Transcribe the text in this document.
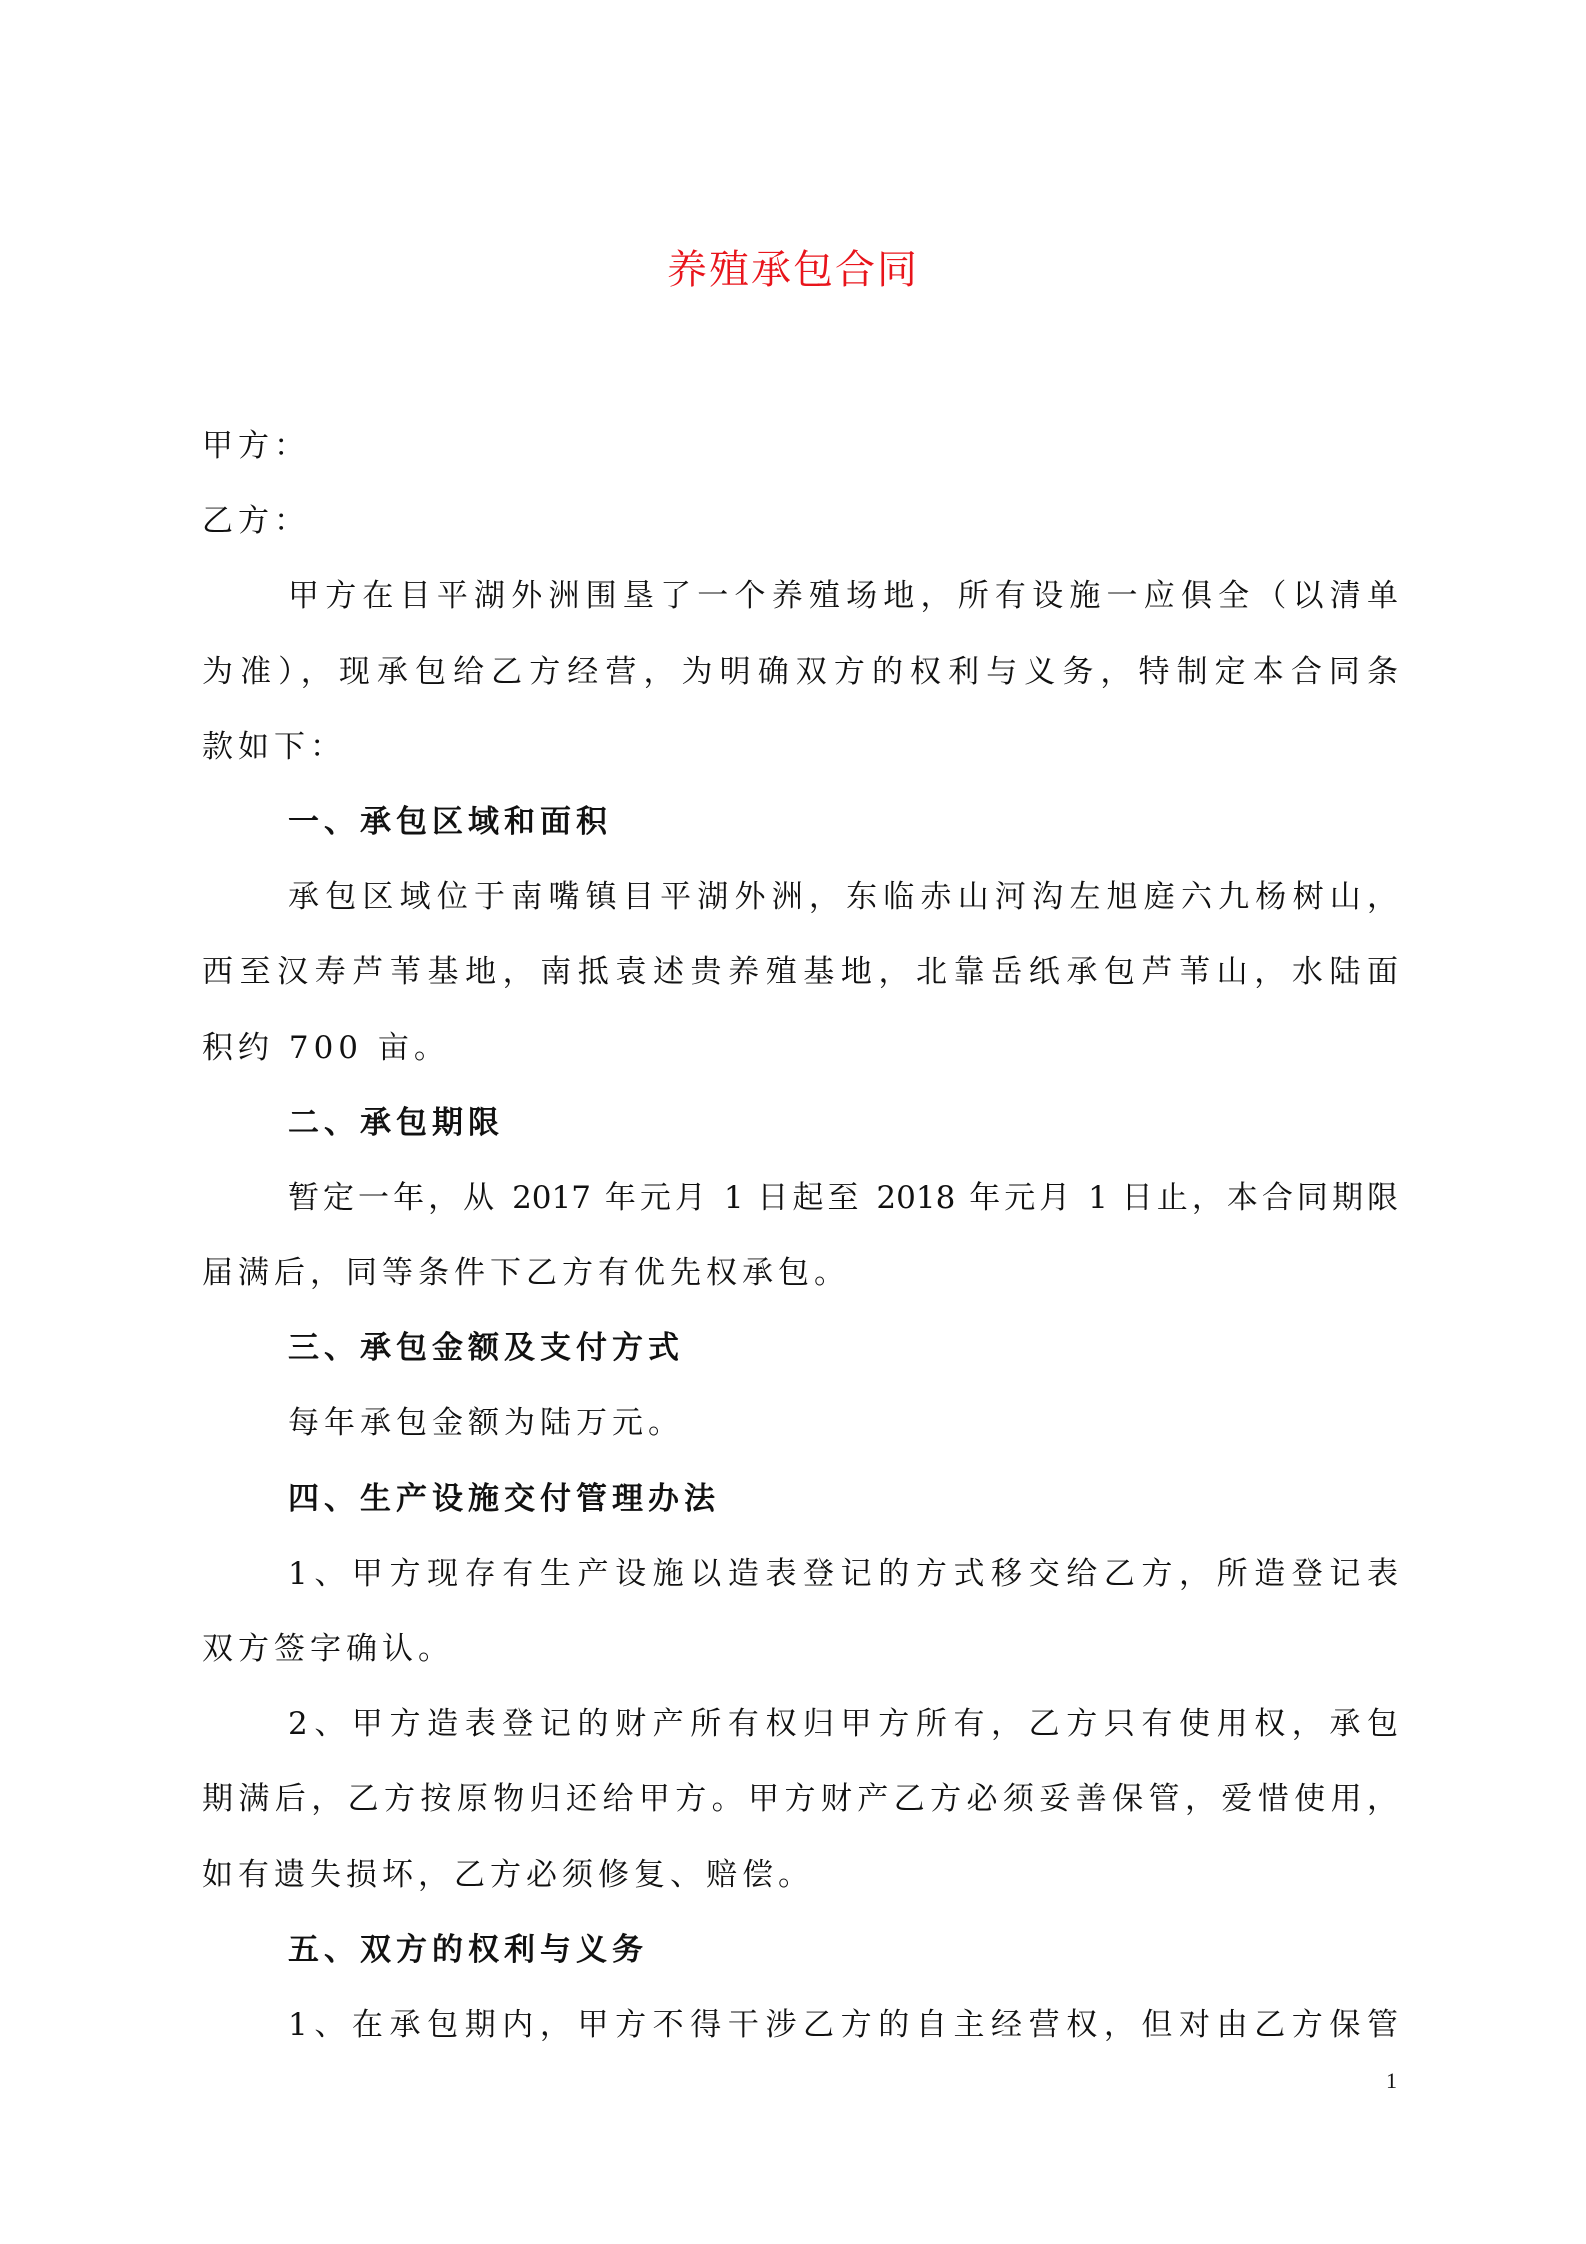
养殖承包合同
甲方：
乙方：
甲方在目平湖外洲围垦了一个养殖场地，所有设施一应俱全（以清单
为准），现承包给乙方经营，为明确双方的权利与义务，特制定本合同条
款如下：
一、承包区域和面积
承包区域位于南嘴镇目平湖外洲，东临赤山河沟左旭庭六九杨树山，
西至汉寿芦苇基地，南抵袁述贵养殖基地，北靠岳纸承包芦苇山，水陆面
积约 700 亩。
二、承包期限
暂定一年，从 2017 年元月 1 日起至 2018 年元月 1 日止，本合同期限
届满后，同等条件下乙方有优先权承包。
三、承包金额及支付方式
每年承包金额为陆万元。
四、生产设施交付管理办法
1、甲方现存有生产设施以造表登记的方式移交给乙方，所造登记表
双方签字确认。
2、甲方造表登记的财产所有权归甲方所有，乙方只有使用权，承包
期满后，乙方按原物归还给甲方。甲方财产乙方必须妥善保管，爱惜使用，
如有遗失损坏，乙方必须修复、赔偿。
五、双方的权利与义务
1、在承包期内，甲方不得干涉乙方的自主经营权，但对由乙方保管
1
